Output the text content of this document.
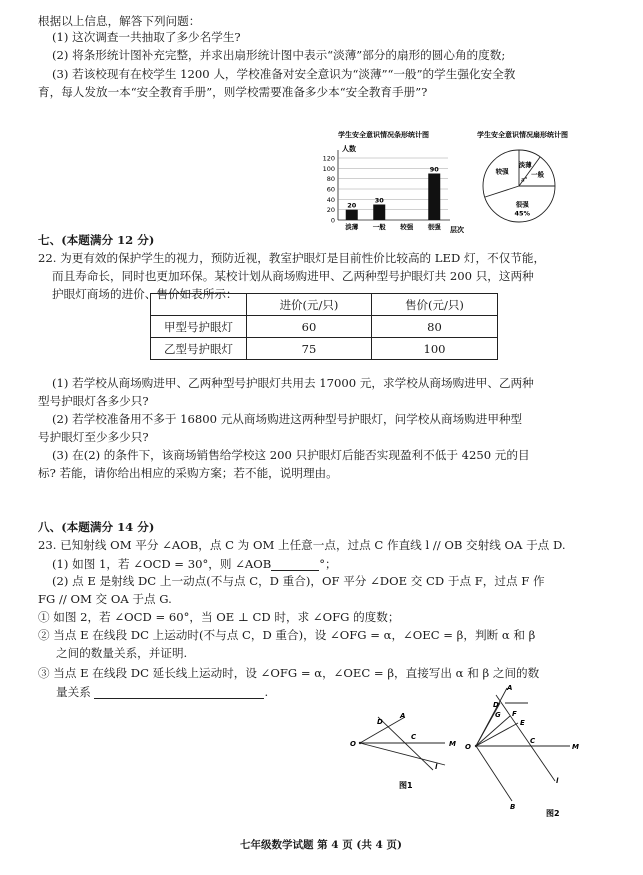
根据以上信息，解答下列问题：
(1) 这次调查一共抽取了多少名学生?
(2) 将条形统计图补充完整，并求出扇形统计图中表示“淡薄”部分的扇形的圆心角的度数;
(3) 若该校现有在校学生 1200 人，学校准备对安全意识为“淡薄”“一般”的学生强化安全教
育，每人发放一本“安全教育手册”，则学校需要准备多少本“安全教育手册”?
学生安全意识情况条形统计图
人数
0
20
40
60
80
100
120
20
30
90
淡薄 一般 较强 很强 层次
学生安全意识情况扇形统计图
淡薄
一般
较强
很强 45%
a°
七、(本题满分 12 分)
22. 为更有效的保护学生的视力，预防近视，教室护眼灯是目前性价比较高的 LED 灯，不仅节能，
而且寿命长，同时也更加环保。某校计划从商场购进甲、乙两种型号护眼灯共 200 只，这两种
护眼灯商场的进价、售价如表所示：
	进价(元/只)	售价(元/只)
甲型号护眼灯	60	80
乙型号护眼灯	75	100
(1) 若学校从商场购进甲、乙两种型号护眼灯共用去 17000 元，求学校从商场购进甲、乙两种
型号护眼灯各多少只?
(2) 若学校准备用不多于 16800 元从商场购进这两种型号护眼灯，问学校从商场购进甲种型
号护眼灯至少多少只?
(3) 在(2) 的条件下，该商场销售给学校这 200 只护眼灯后能否实现盈利不低于 4250 元的目
标? 若能，请你给出相应的采购方案；若不能，说明理由。
八、(本题满分 14 分)
23. 已知射线 OM 平分 ∠AOB，点 C 为 OM 上任意一点，过点 C 作直线 l // OB 交射线 OA 于点 D.
(1) 如图 1，若 ∠OCD = 30°，则 ∠AOB	°；
(2) 点 E 是射线 DC 上一动点(不与点 C，D 重合)，OF 平分 ∠DOE 交 CD 于点 F，过点 F 作
FG // OM 交 OA 于点 G.
① 如图 2，若 ∠OCD = 60°，当 OE ⊥ CD 时，求 ∠OFG 的度数；
② 当点 E 在线段 DC 上运动时(不与点 C，D 重合)，设 ∠OFG = α，∠OEC = β，判断 α 和 β
之间的数量关系，并证明.
③ 当点 E 在线段 DC 延长线上运动时，设 ∠OFG = α，∠OEC = β，直接写出 α 和 β 之间的数
量关系	.
D
A
C
M
O
l
图1
A
D
G F
E
C
M
O
l
B
图2
七年级数学试题 第 4 页 (共 4 页)
